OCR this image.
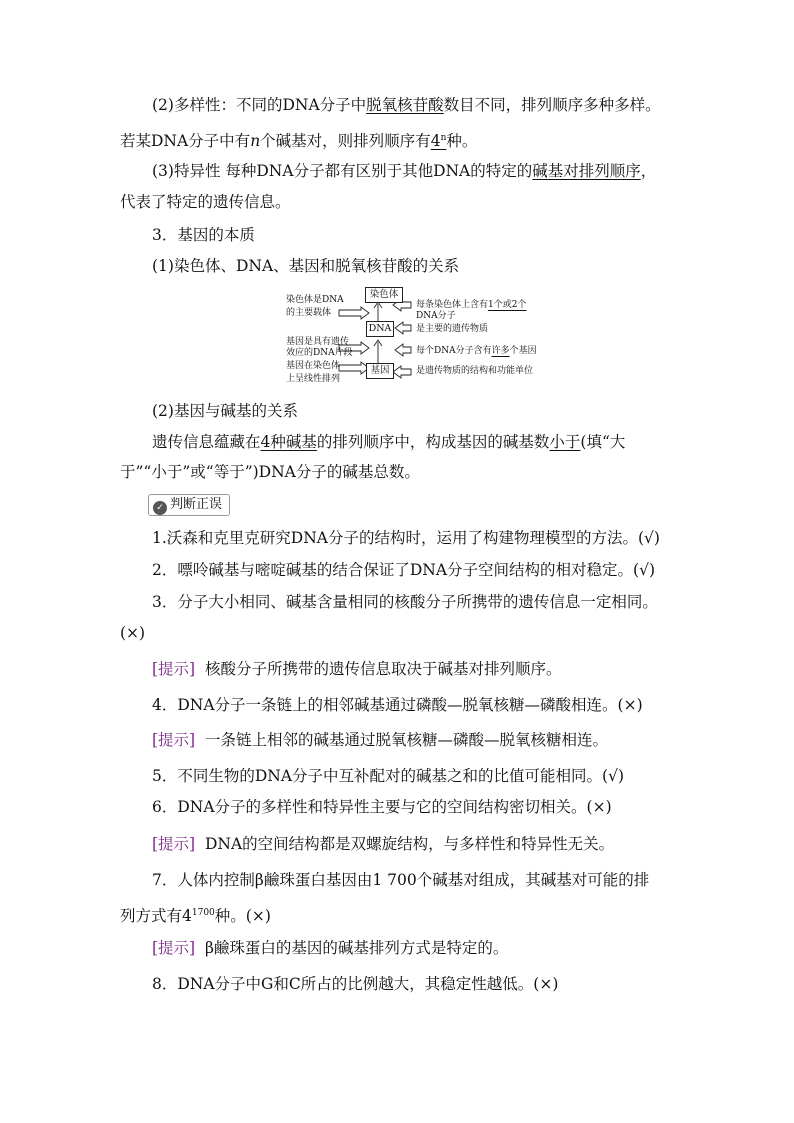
(2)多样性：不同的DNA分子中脱氧核苷酸数目不同，排列顺序多种多样。
若某DNA分子中有n个碱基对，则排列顺序有4$^n$种。
(3)特异性 每种DNA分子都有区别于其他DNA的特定的碱基对排列顺序，
代表了特定的遗传信息。
3．基因的本质
(1)染色体、DNA、基因和脱氧核苷酸的关系
染色体
DNA
基因
染色体是DNA
的主要载体
基因是具有遗传
效应的DNA片段
基因在染色体
上呈线性排列
每条染色体上含有1个或2个
DNA分子
是主要的遗传物质
每个DNA分子含有许多个基因
是遗传物质的结构和功能单位
(2)基因与碱基的关系
遗传信息蕴藏在4种碱基的排列顺序中，构成基因的碱基数小于(填“大
于”“小于”或“等于”)DNA分子的碱基总数。
✓ 判断正误
1.沃森和克里克研究DNA分子的结构时，运用了构建物理模型的方法。(√)
2．嘌呤碱基与嘧啶碱基的结合保证了DNA分子空间结构的相对稳定。(√)
3．分子大小相同、碱基含量相同的核酸分子所携带的遗传信息一定相同。
(×)
[提示] 核酸分子所携带的遗传信息取决于碱基对排列顺序。
4．DNA分子一条链上的相邻碱基通过磷酸—脱氧核糖—磷酸相连。(×)
[提示] 一条链上相邻的碱基通过脱氧核糖—磷酸—脱氧核糖相连。
5．不同生物的DNA分子中互补配对的碱基之和的比值可能相同。(√)
6．DNA分子的多样性和特异性主要与它的空间结构密切相关。(×)
[提示] DNA的空间结构都是双螺旋结构，与多样性和特异性无关。
7．人体内控制β鹼珠蛋白基因由1 700个碱基对组成，其碱基对可能的排
列方式有$4^{1700}$种。(×)
[提示] β鹼珠蛋白的基因的碱基排列方式是特定的。
8．DNA分子中G和C所占的比例越大，其稳定性越低。(×)
